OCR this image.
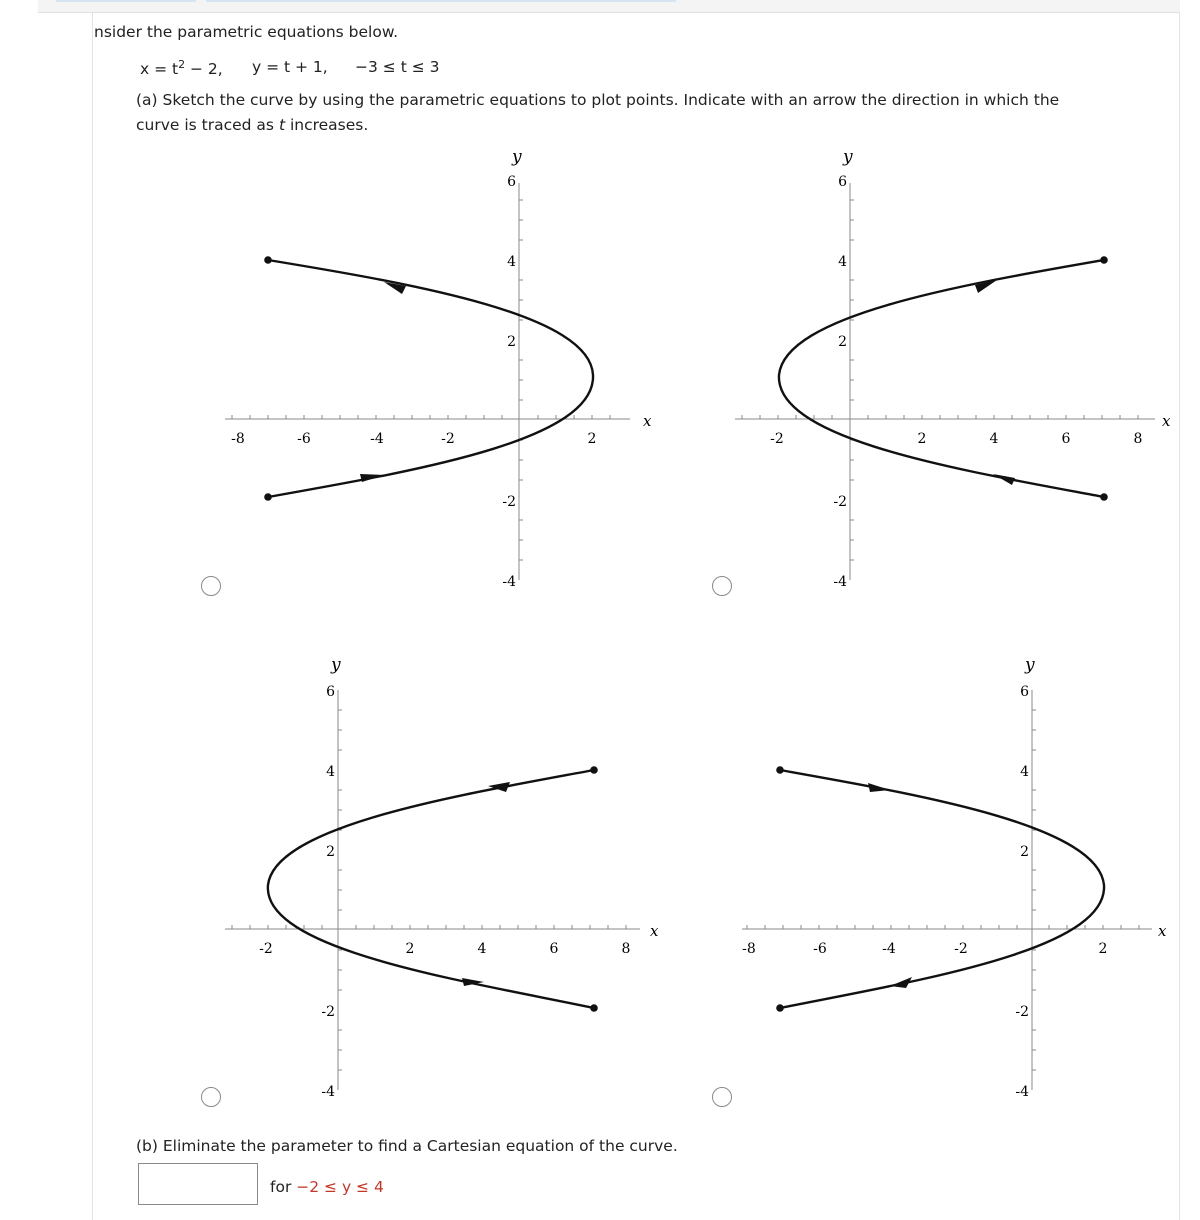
nsider the parametric equations below.
$x = t^2 - 2$, y = t + 1, −3 ≤ t ≤ 3
(a) Sketch the curve by using the parametric equations to plot points. Indicate with an arrow the direction in which the
curve is traced as t increases.
x
y
-8	-6	-4	-2	2
6
4
2
-2
-4
x
y
-2	2	4	6	8
6
4
2
-2
-4
x
y
-2	2	4	6	8
6
4
2
-2
-4
x
y
-8	-6	-4	-2	2
6
4
2
-2
-4
(b) Eliminate the parameter to find a Cartesian equation of the curve.
for −2 ≤ y ≤ 4
